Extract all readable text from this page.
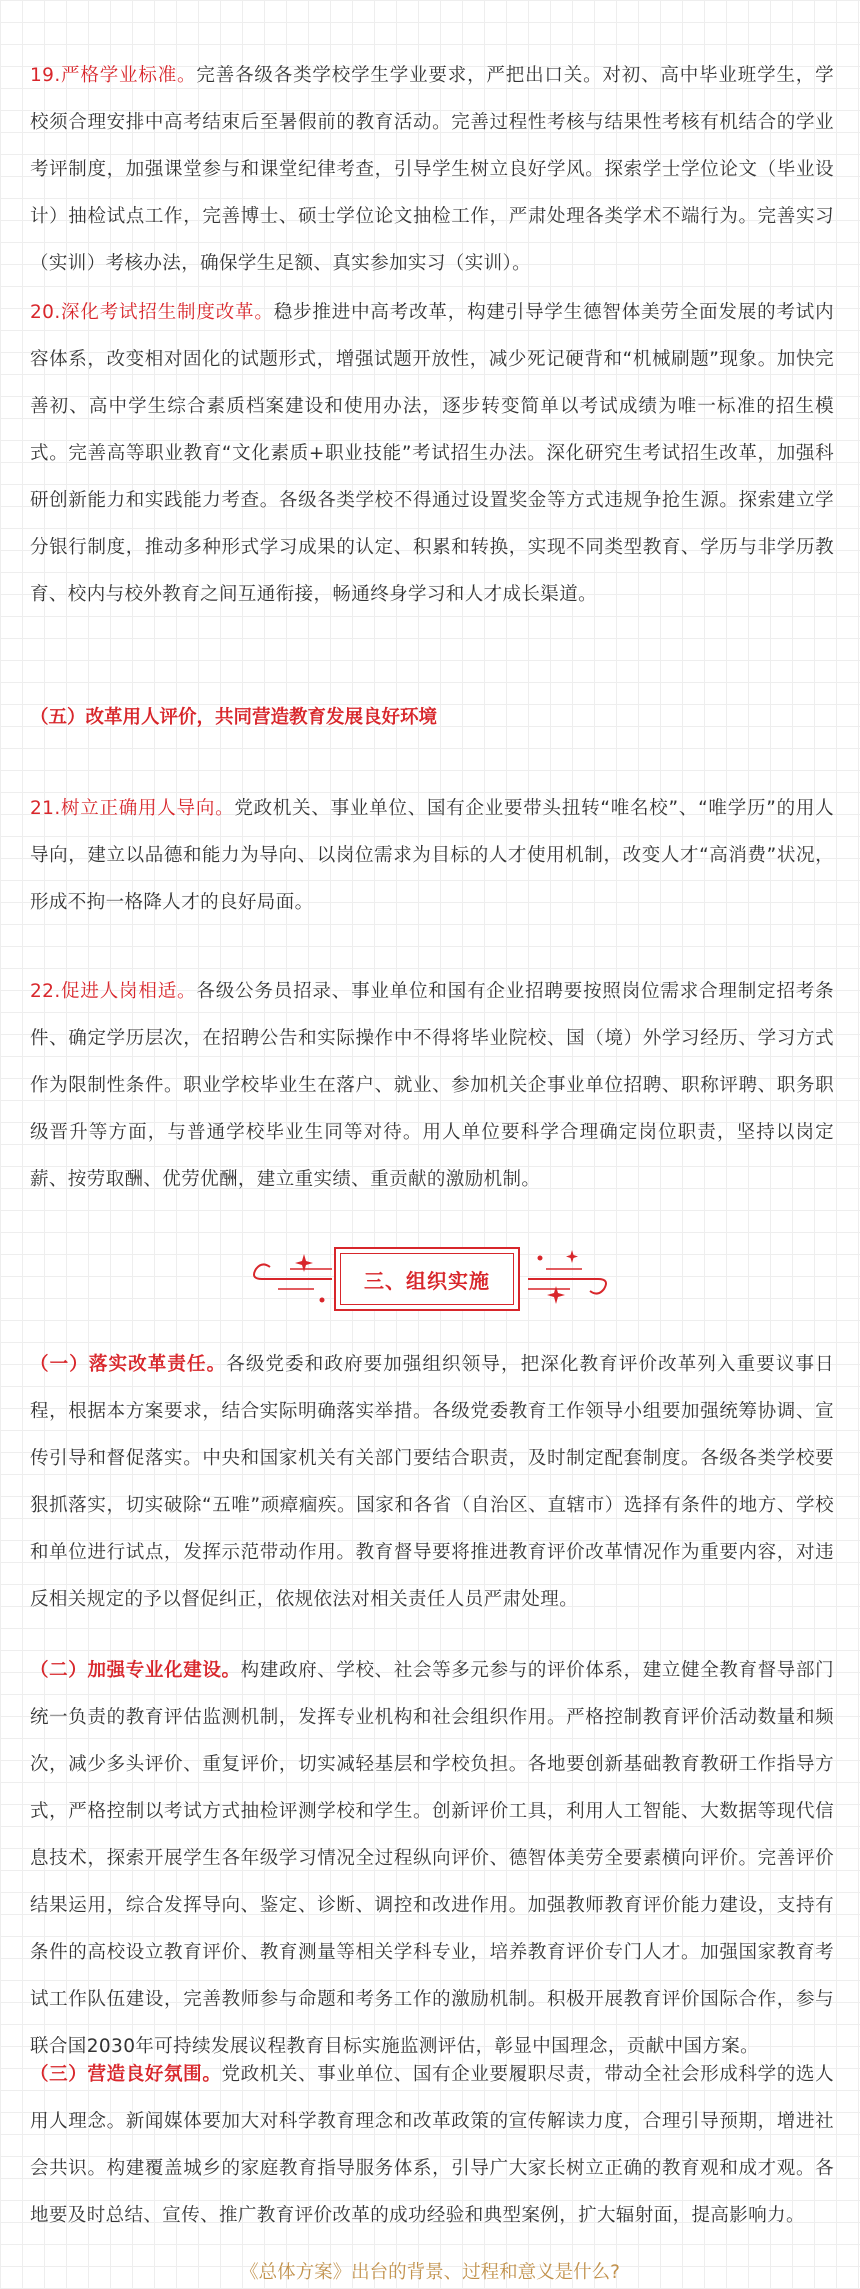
19.严格学业标准。完善各级各类学校学生学业要求，严把出口关。对初、高中毕业班学生，学校须合理安排中高考结束后至暑假前的教育活动。完善过程性考核与结果性考核有机结合的学业考评制度，加强课堂参与和课堂纪律考查，引导学生树立良好学风。探索学士学位论文（毕业设计）抽检试点工作，完善博士、硕士学位论文抽检工作，严肃处理各类学术不端行为。完善实习（实训）考核办法，确保学生足额、真实参加实习（实训）。

20.深化考试招生制度改革。稳步推进中高考改革，构建引导学生德智体美劳全面发展的考试内容体系，改变相对固化的试题形式，增强试题开放性，减少死记硬背和“机械刷题”现象。加快完善初、高中学生综合素质档案建设和使用办法，逐步转变简单以考试成绩为唯一标准的招生模式。完善高等职业教育“文化素质+职业技能”考试招生办法。深化研究生考试招生改革，加强科研创新能力和实践能力考查。各级各类学校不得通过设置奖金等方式违规争抢生源。探索建立学分银行制度，推动多种形式学习成果的认定、积累和转换，实现不同类型教育、学历与非学历教育、校内与校外教育之间互通衔接，畅通终身学习和人才成长渠道。

（五）改革用人评价，共同营造教育发展良好环境

21.树立正确用人导向。党政机关、事业单位、国有企业要带头扭转“唯名校”、“唯学历”的用人导向，建立以品德和能力为导向、以岗位需求为目标的人才使用机制，改变人才“高消费”状况，形成不拘一格降人才的良好局面。

22.促进人岗相适。各级公务员招录、事业单位和国有企业招聘要按照岗位需求合理制定招考条件、确定学历层次，在招聘公告和实际操作中不得将毕业院校、国（境）外学习经历、学习方式作为限制性条件。职业学校毕业生在落户、就业、参加机关企事业单位招聘、职称评聘、职务职级晋升等方面，与普通学校毕业生同等对待。用人单位要科学合理确定岗位职责，坚持以岗定薪、按劳取酬、优劳优酬，建立重实绩、重贡献的激励机制。

三、组织实施

（一）落实改革责任。各级党委和政府要加强组织领导，把深化教育评价改革列入重要议事日程，根据本方案要求，结合实际明确落实举措。各级党委教育工作领导小组要加强统筹协调、宣传引导和督促落实。中央和国家机关有关部门要结合职责，及时制定配套制度。各级各类学校要狠抓落实，切实破除“五唯”顽瘴痼疾。国家和各省（自治区、直辖市）选择有条件的地方、学校和单位进行试点，发挥示范带动作用。教育督导要将推进教育评价改革情况作为重要内容，对违反相关规定的予以督促纠正，依规依法对相关责任人员严肃处理。

（二）加强专业化建设。构建政府、学校、社会等多元参与的评价体系，建立健全教育督导部门统一负责的教育评估监测机制，发挥专业机构和社会组织作用。严格控制教育评价活动数量和频次，减少多头评价、重复评价，切实减轻基层和学校负担。各地要创新基础教育教研工作指导方式，严格控制以考试方式抽检评测学校和学生。创新评价工具，利用人工智能、大数据等现代信息技术，探索开展学生各年级学习情况全过程纵向评价、德智体美劳全要素横向评价。完善评价结果运用，综合发挥导向、鉴定、诊断、调控和改进作用。加强教师教育评价能力建设，支持有条件的高校设立教育评价、教育测量等相关学科专业，培养教育评价专门人才。加强国家教育考试工作队伍建设，完善教师参与命题和考务工作的激励机制。积极开展教育评价国际合作，参与联合国2030年可持续发展议程教育目标实施监测评估，彰显中国理念，贡献中国方案。

（三）营造良好氛围。党政机关、事业单位、国有企业要履职尽责，带动全社会形成科学的选人用人理念。新闻媒体要加大对科学教育理念和改革政策的宣传解读力度，合理引导预期，增进社会共识。构建覆盖城乡的家庭教育指导服务体系，引导广大家长树立正确的教育观和成才观。各地要及时总结、宣传、推广教育评价改革的成功经验和典型案例，扩大辐射面，提高影响力。

《总体方案》出台的背景、过程和意义是什么?
